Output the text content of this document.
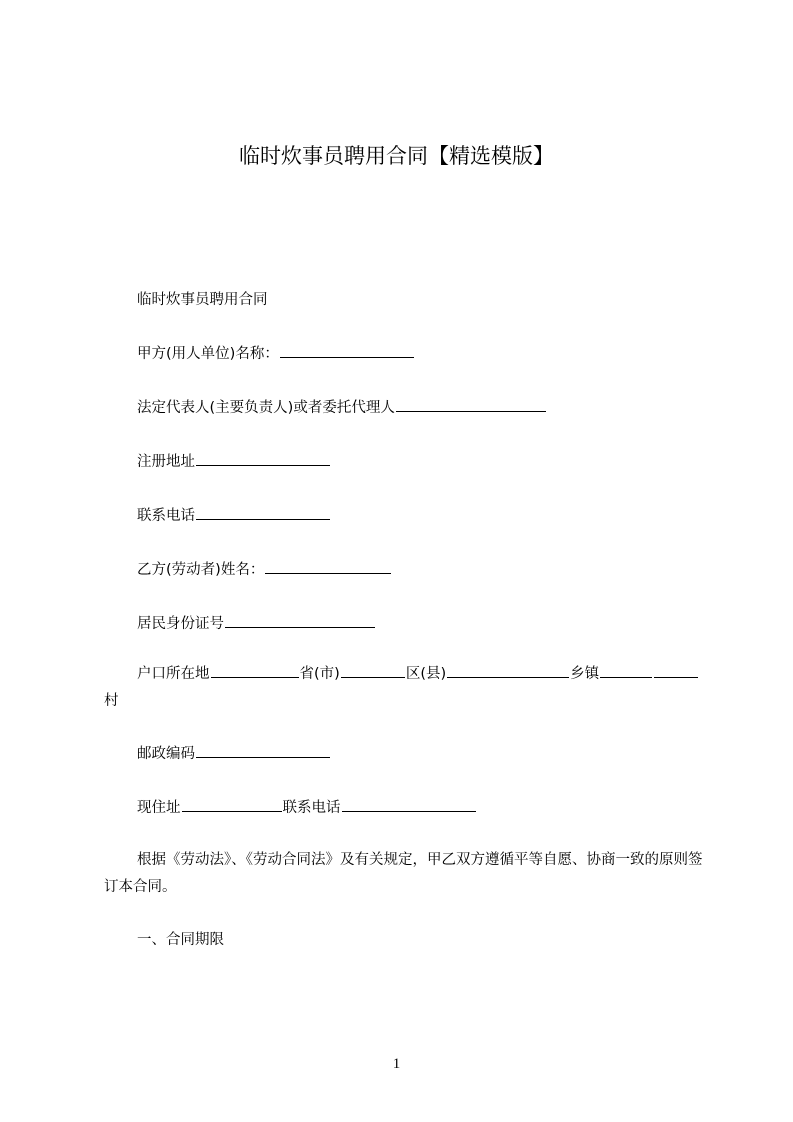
临时炊事员聘用合同【精选模版】
临时炊事员聘用合同
甲方(用人单位)名称：
法定代表人(主要负责人)或者委托代理人
注册地址
联系电话
乙方(劳动者)姓名：
居民身份证号
户口所在地	省(市)	区(县)	乡镇村
邮政编码
现住址	联系电话
根据《劳动法》、《劳动合同法》及有关规定，甲乙双方遵循平等自愿、协商一致的原则签订本合同。
一、合同期限
1
